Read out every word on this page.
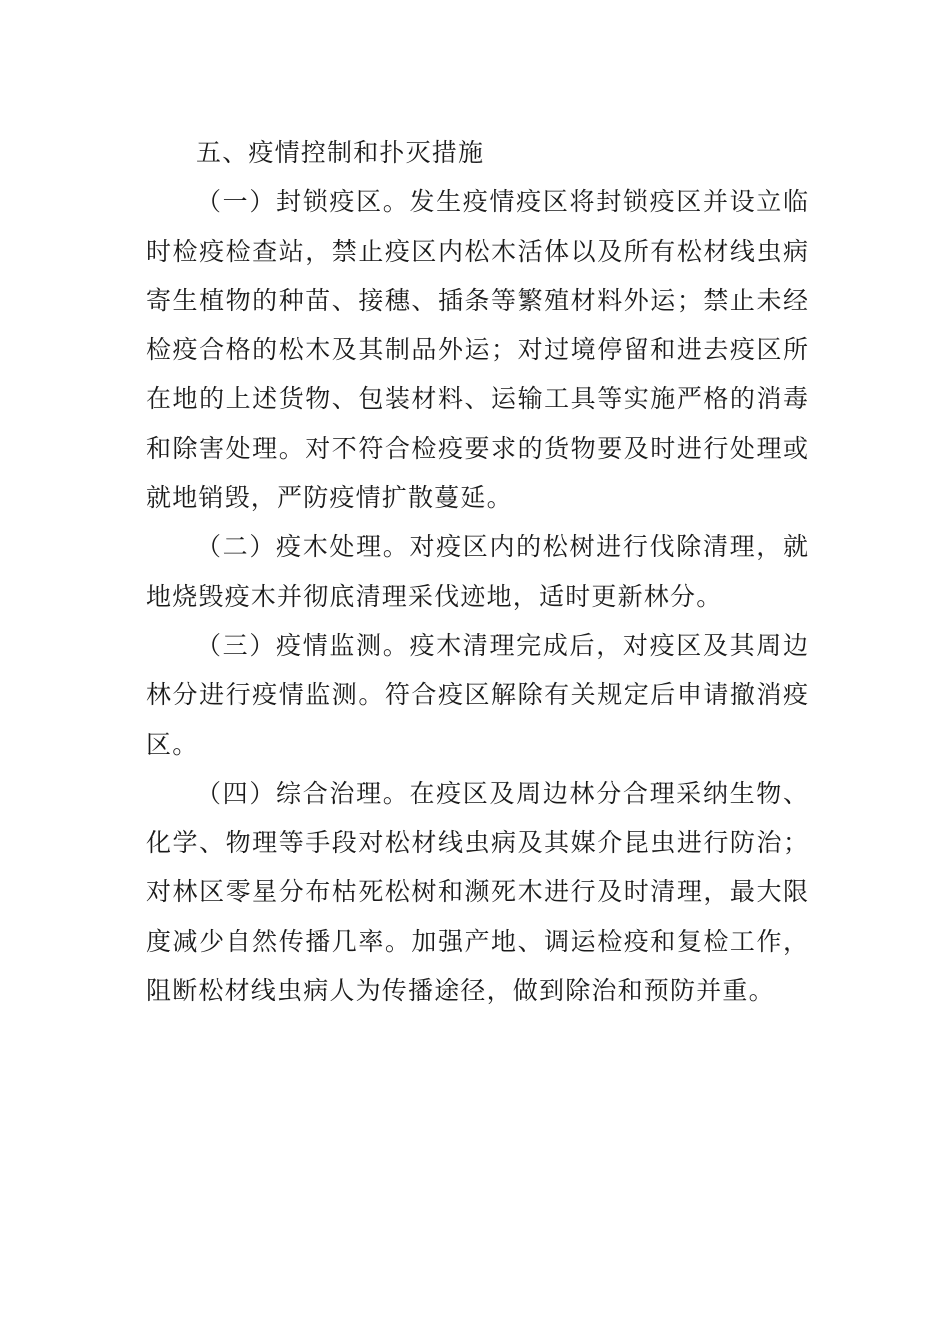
五、疫情控制和扑灭措施
（一）封锁疫区。发生疫情疫区将封锁疫区并设立临
时检疫检查站，禁止疫区内松木活体以及所有松材线虫病
寄生植物的种苗、接穗、插条等繁殖材料外运；禁止未经
检疫合格的松木及其制品外运；对过境停留和进去疫区所
在地的上述货物、包装材料、运输工具等实施严格的消毒
和除害处理。对不符合检疫要求的货物要及时进行处理或
就地销毁，严防疫情扩散蔓延。
（二）疫木处理。对疫区内的松树进行伐除清理，就
地烧毁疫木并彻底清理采伐迹地，适时更新林分。
（三）疫情监测。疫木清理完成后，对疫区及其周边
林分进行疫情监测。符合疫区解除有关规定后申请撤消疫
区。
（四）综合治理。在疫区及周边林分合理采纳生物、
化学、物理等手段对松材线虫病及其媒介昆虫进行防治；
对林区零星分布枯死松树和濒死木进行及时清理，最大限
度减少自然传播几率。加强产地、调运检疫和复检工作，
阻断松材线虫病人为传播途径，做到除治和预防并重。
